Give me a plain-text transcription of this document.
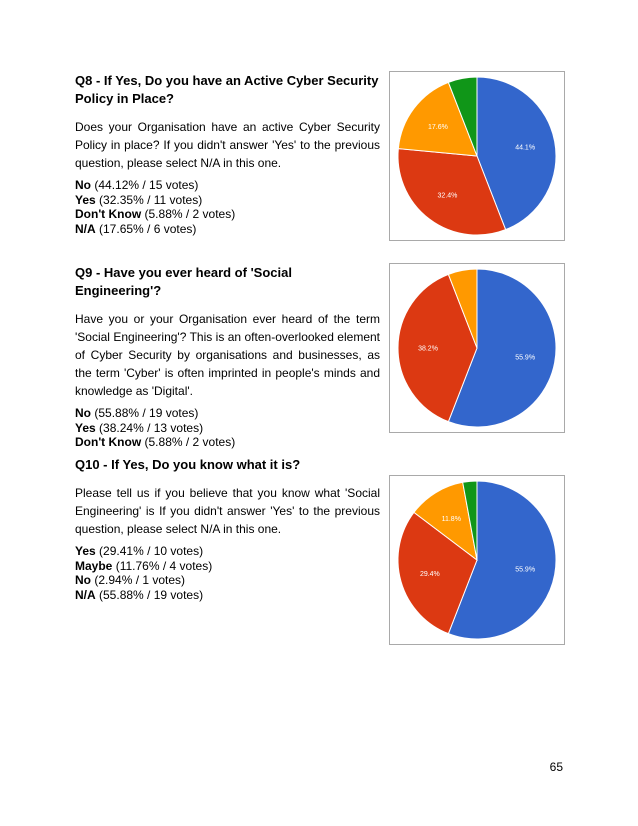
Q8 - If Yes, Do you have an Active Cyber Security Policy in Place?

Does your Organisation have an active Cyber Security Policy in place? If you didn't answer 'Yes' to the previous question, please select N/A in this one.

No (44.12% / 15 votes)
Yes (32.35% / 11 votes)
Don't Know (5.88% / 2 votes)
N/A (17.65% / 6 votes)
44.1%
32.4%
17.6%

Q9 - Have you ever heard of 'Social Engineering'?

Have you or your Organisation ever heard of the term 'Social Engineering'? This is an often-overlooked element of Cyber Security by organisations and businesses, as the term 'Cyber' is often imprinted in people's minds and knowledge as 'Digital'.

No (55.88% / 19 votes)
Yes (38.24% / 13 votes)
Don't Know (5.88% / 2 votes)
55.9%
38.2%

Q10 - If Yes, Do you know what it is?

Please tell us if you believe that you know what 'Social Engineering' is If you didn't answer 'Yes' to the previous question, please select N/A in this one.

Yes (29.41% / 10 votes)
Maybe (11.76% / 4 votes)
No (2.94% / 1 votes)
N/A (55.88% / 19 votes)
55.9%
29.4%
11.8%
65
